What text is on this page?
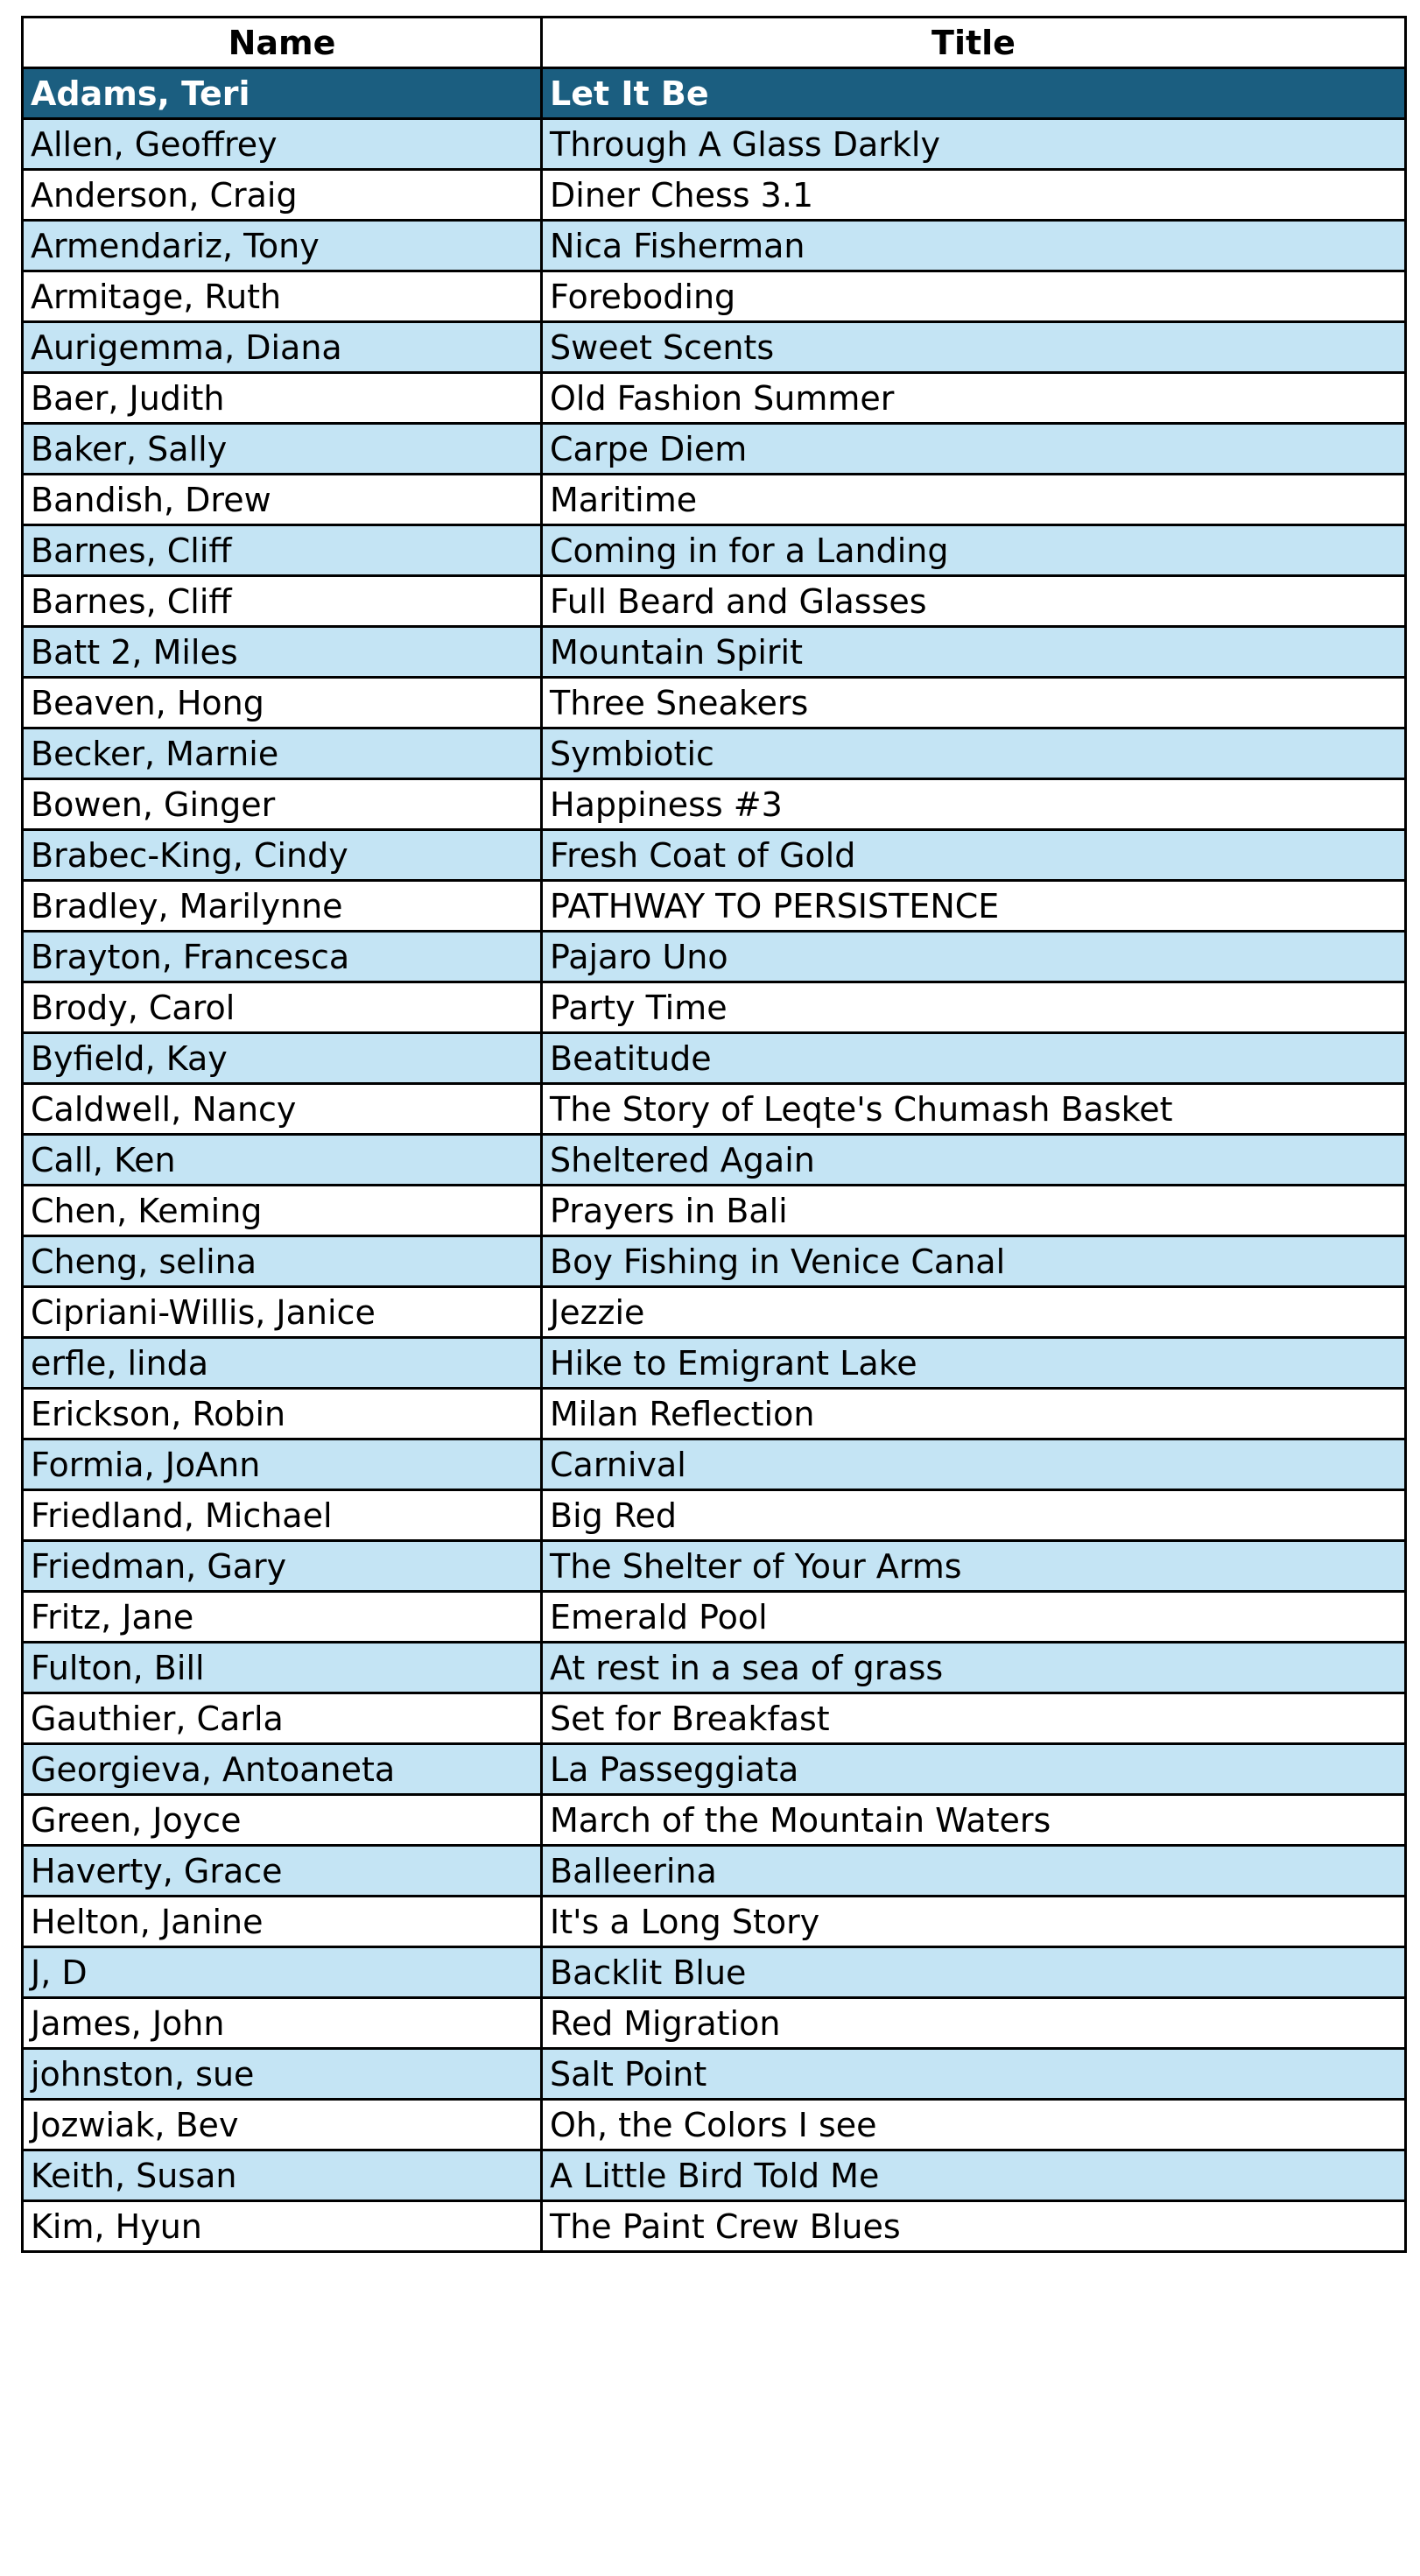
Name	Title
Adams, Teri	Let It Be
Allen, Geoffrey	Through A Glass Darkly
Anderson, Craig	Diner Chess 3.1
Armendariz, Tony	Nica Fisherman
Armitage, Ruth	Foreboding
Aurigemma, Diana	Sweet Scents
Baer, Judith	Old Fashion Summer
Baker, Sally	Carpe Diem
Bandish, Drew	Maritime
Barnes, Cliff	Coming in for a Landing
Barnes, Cliff	Full Beard and Glasses
Batt 2, Miles	Mountain Spirit
Beaven, Hong	Three Sneakers
Becker, Marnie	Symbiotic
Bowen, Ginger	Happiness #3
Brabec-King, Cindy	Fresh Coat of Gold
Bradley, Marilynne	PATHWAY TO PERSISTENCE
Brayton, Francesca	Pajaro Uno
Brody, Carol	Party Time
Byfield, Kay	Beatitude
Caldwell, Nancy	The Story of Leqte's Chumash Basket
Call, Ken	Sheltered Again
Chen, Keming	Prayers in Bali
Cheng, selina	Boy Fishing in Venice Canal
Cipriani-Willis, Janice	Jezzie
erfle, linda	Hike to Emigrant Lake
Erickson, Robin	Milan Reflection
Formia, JoAnn	Carnival
Friedland, Michael	Big Red
Friedman, Gary	The Shelter of Your Arms
Fritz, Jane	Emerald Pool
Fulton, Bill	At rest in a sea of grass
Gauthier, Carla	Set for Breakfast
Georgieva, Antoaneta	La Passeggiata
Green, Joyce	March of the Mountain Waters
Haverty, Grace	Balleerina
Helton, Janine	It's a Long Story
J, D	Backlit Blue
James, John	Red Migration
johnston, sue	Salt Point
Jozwiak, Bev	Oh, the Colors I see
Keith, Susan	A Little Bird Told Me
Kim, Hyun	The Paint Crew Blues
